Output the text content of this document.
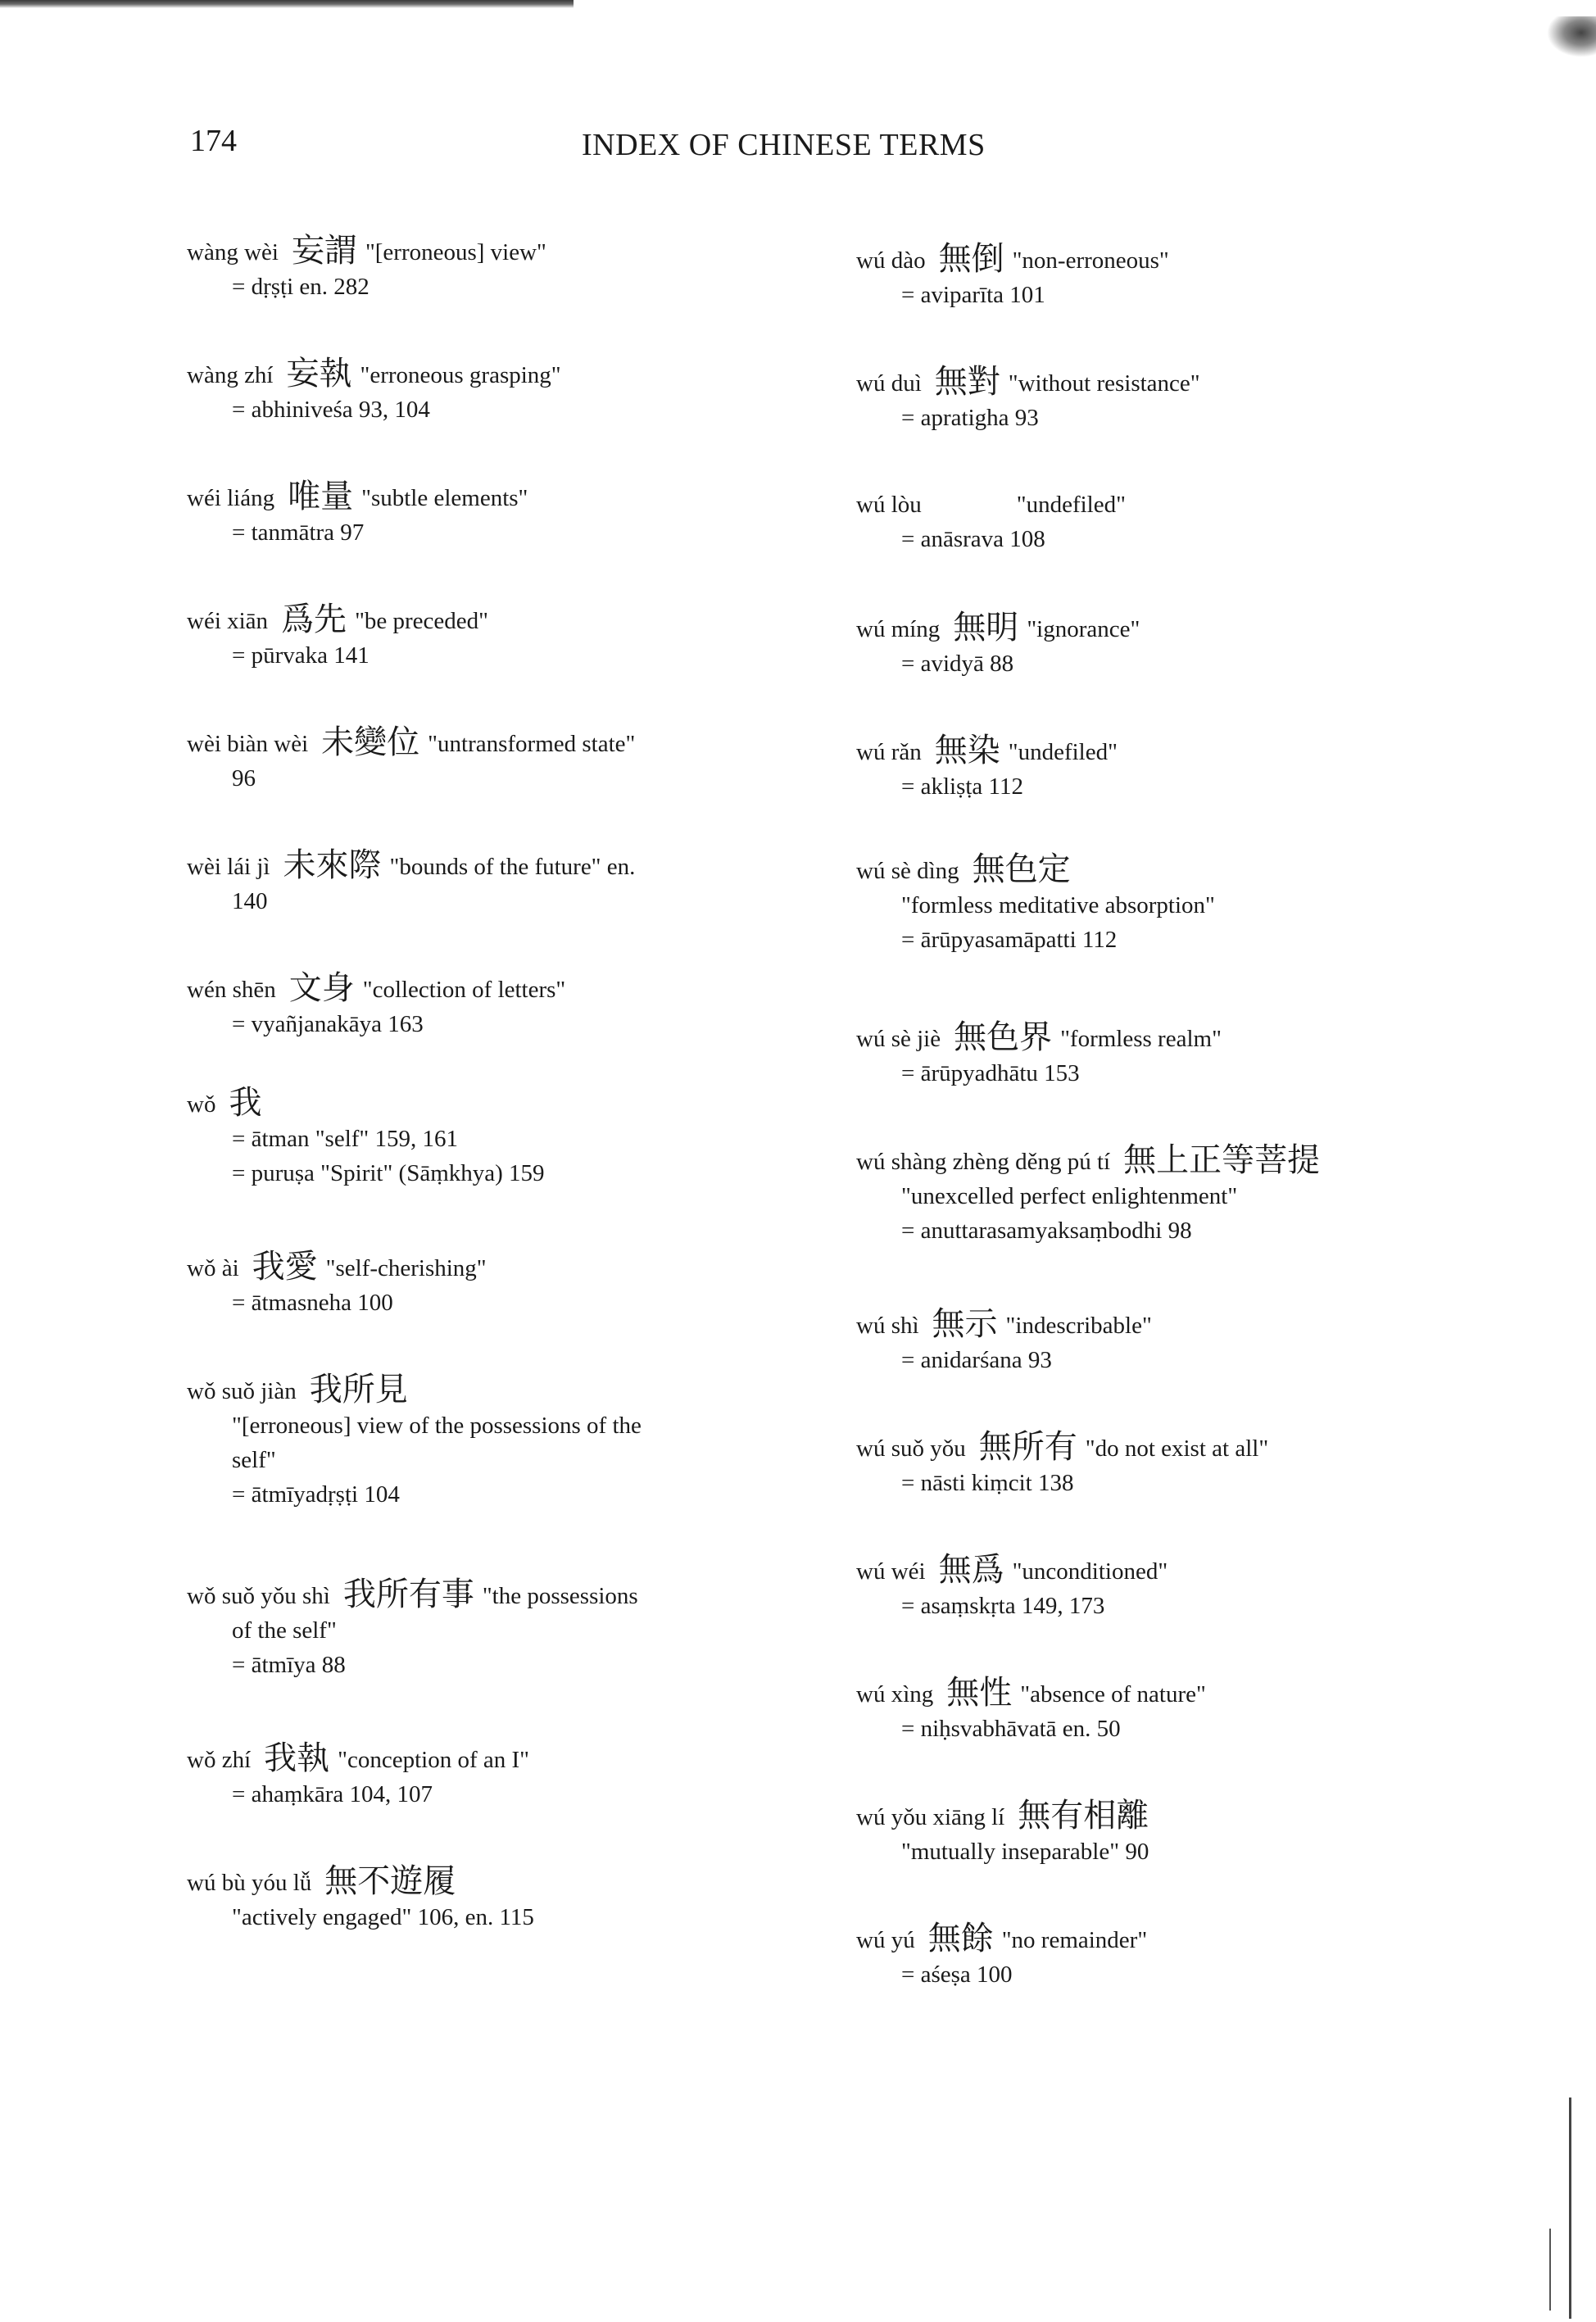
174	INDEX OF CHINESE TERMS
wàng wèi 妄謂 "[erroneous] view"
= dṛṣṭi en. 282
wàng zhí 妄執 "erroneous grasping"
= abhiniveśa 93, 104
wéi liáng 唯量 "subtle elements"
= tanmātra 97
wéi xiān 爲先 "be preceded"
= pūrvaka 141
wèi biàn wèi 未變位 "untransformed state"
96
wèi lái jì 未來際 "bounds of the future" en.
140
wén shēn 文身 "collection of letters"
= vyañjanakāya 163
wǒ 我
= ātman "self" 159, 161
= puruṣa "Spirit" (Sāṃkhya) 159
wǒ ài 我愛 "self-cherishing"
= ātmasneha 100
wǒ suǒ jiàn 我所見
"[erroneous] view of the possessions of the
self"
= ātmīyadṛṣṭi 104
wǒ suǒ yǒu shì 我所有事 "the possessions
of the self"
= ātmīya 88
wǒ zhí 我執 "conception of an I"
= ahaṃkāra 104, 107
wú bù yóu lǚ 無不遊履
"actively engaged" 106, en. 115
wú dào 無倒 "non-erroneous"
= aviparīta 101
wú duì 無對 "without resistance"
= apratigha 93
wú lòu	"undefiled"
= anāsrava 108
wú míng 無明 "ignorance"
= avidyā 88
wú rǎn 無染 "undefiled"
= akliṣṭa 112
wú sè dìng 無色定
"formless meditative absorption"
= ārūpyasamāpatti 112
wú sè jiè 無色界 "formless realm"
= ārūpyadhātu 153
wú shàng zhèng děng pú tí 無上正等菩提
"unexcelled perfect enlightenment"
= anuttarasamyaksaṃbodhi 98
wú shì 無示 "indescribable"
= anidarśana 93
wú suǒ yǒu 無所有 "do not exist at all"
= nāsti kiṃcit 138
wú wéi 無爲 "unconditioned"
= asaṃskṛta 149, 173
wú xìng 無性 "absence of nature"
= niḥsvabhāvatā en. 50
wú yǒu xiāng lí 無有相離
"mutually inseparable" 90
wú yú 無餘 "no remainder"
= aśeṣa 100
